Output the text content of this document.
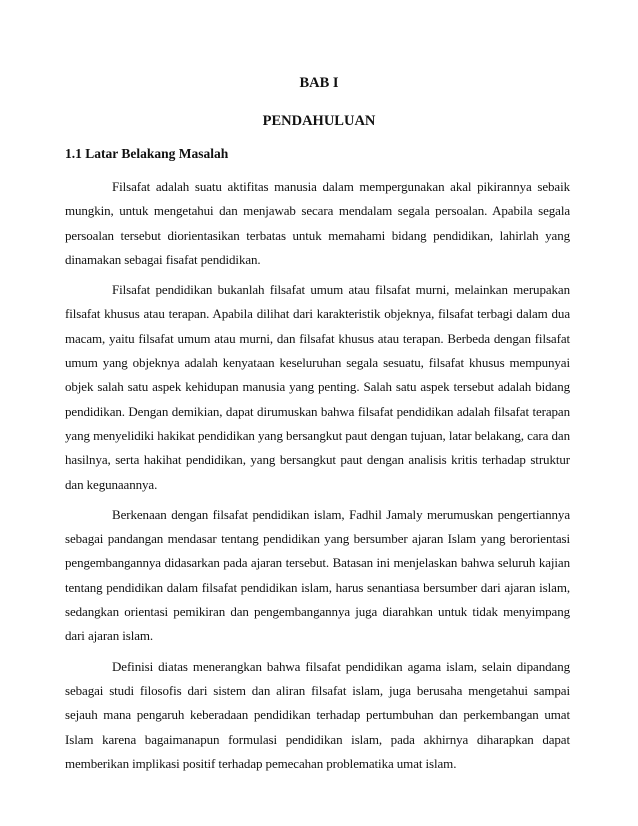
BAB I
PENDAHULUAN
1.1 Latar Belakang Masalah

Filsafat adalah suatu aktifitas manusia dalam mempergunakan akal pikirannya sebaik mungkin, untuk mengetahui dan menjawab secara mendalam segala persoalan. Apabila segala persoalan tersebut diorientasikan terbatas untuk memahami bidang pendidikan, lahirlah yang dinamakan sebagai fisafat pendidikan.

Filsafat pendidikan bukanlah filsafat umum atau filsafat murni, melainkan merupakan filsafat khusus atau terapan. Apabila dilihat dari karakteristik objeknya, filsafat terbagi dalam dua macam, yaitu filsafat umum atau murni, dan filsafat khusus atau terapan. Berbeda dengan filsafat umum yang objeknya adalah kenyataan keseluruhan segala sesuatu, filsafat khusus mempunyai objek salah satu aspek kehidupan manusia yang penting. Salah satu aspek tersebut adalah bidang pendidikan. Dengan demikian, dapat dirumuskan bahwa filsafat pendidikan adalah filsafat terapan yang menyelidiki hakikat pendidikan yang bersangkut paut dengan tujuan, latar belakang, cara dan hasilnya, serta hakihat pendidikan, yang bersangkut paut dengan analisis kritis terhadap struktur dan kegunaannya.

Berkenaan dengan filsafat pendidikan islam, Fadhil Jamaly merumuskan pengertiannya sebagai pandangan mendasar tentang pendidikan yang bersumber ajaran Islam yang berorientasi pengembangannya didasarkan pada ajaran tersebut. Batasan ini menjelaskan bahwa seluruh kajian tentang pendidikan dalam filsafat pendidikan islam, harus senantiasa bersumber dari ajaran islam, sedangkan orientasi pemikiran dan pengembangannya juga diarahkan untuk tidak menyimpang dari ajaran islam.

Definisi diatas menerangkan bahwa filsafat pendidikan agama islam, selain dipandang sebagai studi filosofis dari sistem dan aliran filsafat islam, juga berusaha mengetahui sampai sejauh mana pengaruh keberadaan pendidikan terhadap pertumbuhan dan perkembangan umat Islam karena bagaimanapun formulasi pendidikan islam, pada akhirnya diharapkan dapat memberikan implikasi positif terhadap pemecahan problematika umat islam.
